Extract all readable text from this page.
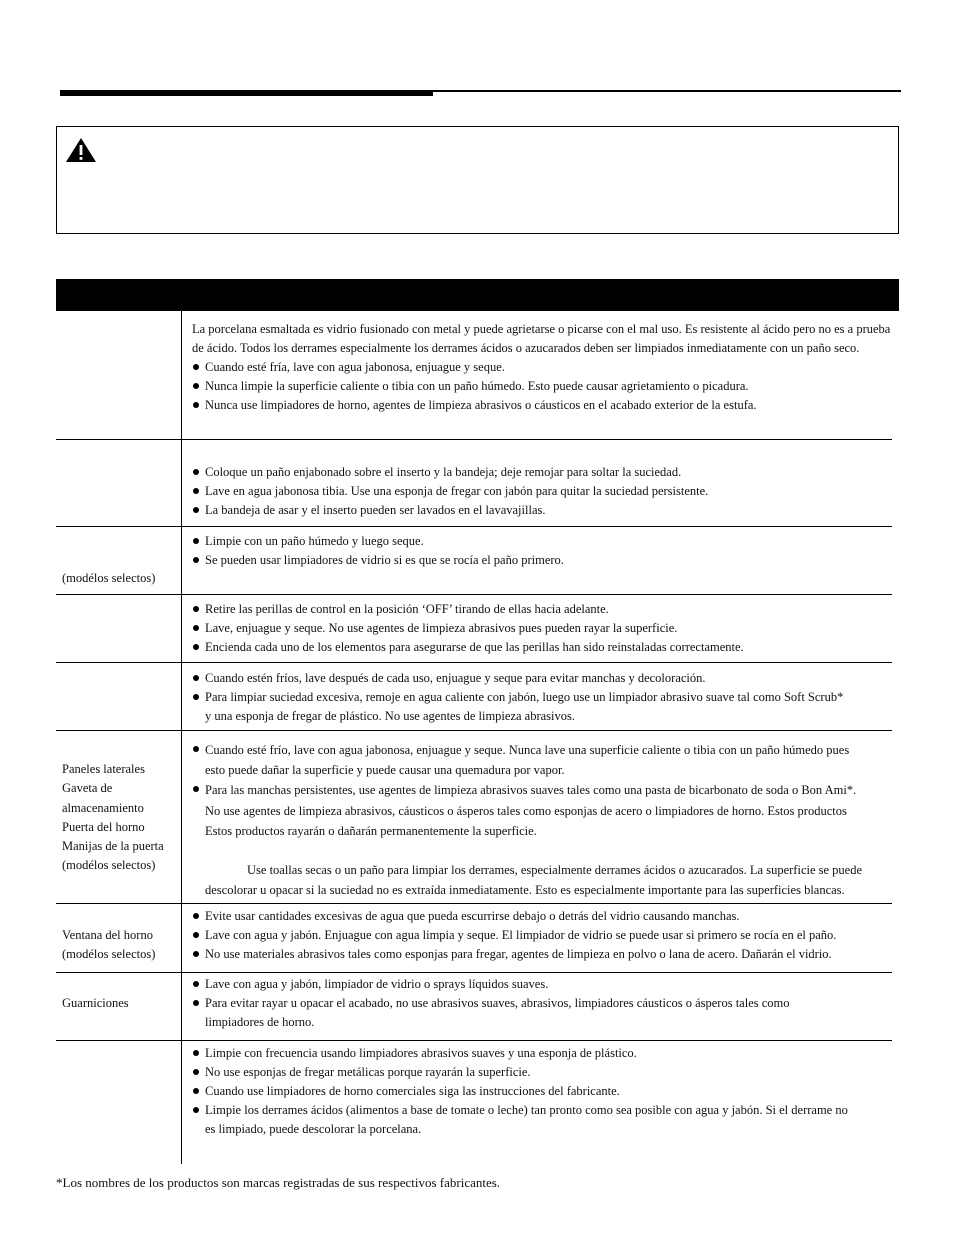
La porcelana esmaltada es vidrio fusionado con metal y puede agrietarse o picarse con el mal uso. Es resistente al ácido pero no es a prueba de ácido. Todos los derrames especialmente los derrames ácidos o azucarados deben ser limpiados inmediatamente con un paño seco.

Cuando esté fría, lave con agua jabonosa, enjuague y seque.

Nunca limpie la superficie caliente o tibia con un paño húmedo. Esto puede causar agrietamiento o picadura.

Nunca use limpiadores de horno, agentes de limpieza abrasivos o cáusticos en el acabado exterior de la estufa.

Coloque un paño enjabonado sobre el inserto y la bandeja; deje remojar para soltar la suciedad.

Lave en agua jabonosa tibia. Use una esponja de fregar con jabón para quitar la suciedad persistente.

La bandeja de asar y el inserto pueden ser lavados en el lavavajillas.

(modélos selectos)

Limpie con un paño húmedo y luego seque.

Se pueden usar limpiadores de vidrio si es que se rocía el paño primero.

Retire las perillas de control en la posición ‘OFF’ tirando de ellas hacia adelante.

Lave, enjuague y seque. No use agentes de limpieza abrasivos pues pueden rayar la superficie.

Encienda cada uno de los elementos para asegurarse de que las perillas han sido reinstaladas correctamente.

Cuando estén fríos, lave después de cada uso, enjuague y seque para evitar manchas y decoloración.

Para limpiar suciedad excesiva, remoje en agua caliente con jabón, luego use un limpiador abrasivo suave tal como Soft Scrub*

y una esponja de fregar de plástico. No use agentes de limpieza abrasivos.

Paneles laterales
Gaveta de
almacenamiento
Puerta del horno
Manijas de la puerta
(modélos selectos)

Cuando esté frío, lave con agua jabonosa, enjuague y seque. Nunca lave una superficie caliente o tibia con un paño húmedo pues

esto puede dañar la superficie y puede causar una quemadura por vapor.

Para las manchas persistentes, use agentes de limpieza abrasivos suaves tales como una pasta de bicarbonato de soda o Bon Ami*.

No use agentes de limpieza abrasivos, cáusticos o ásperos tales como esponjas de acero o limpiadores de horno. Estos productos

Estos productos rayarán o dañarán permanentemente la superficie.

Use toallas secas o un paño para limpiar los derrames, especialmente derrames ácidos o azucarados. La superficie se puede

descolorar u opacar si la suciedad no es extraída inmediatamente. Esto es especialmente importante para las superficies blancas.

Ventana del horno
(modélos selectos)

Evite usar cantidades excesivas de agua que pueda escurrirse debajo o detrás del vidrio causando manchas.

Lave con agua y jabón. Enjuague con agua limpia y seque. El limpiador de vidrio se puede usar si primero se rocía en el paño.

No use materiales abrasivos tales como esponjas para fregar, agentes de limpieza en polvo o lana de acero. Dañarán el vidrio.

Guarniciones

Lave con agua y jabón, limpiador de vidrio o sprays líquidos suaves.

Para evitar rayar u opacar el acabado, no use abrasivos suaves, abrasivos, limpiadores cáusticos o ásperos tales como

limpiadores de horno.

Limpie con frecuencia usando limpiadores abrasivos suaves y una esponja de plástico.

No use esponjas de fregar metálicas porque rayarán la superficie.

Cuando use limpiadores de horno comerciales siga las instrucciones del fabricante.

Limpie los derrames ácidos (alimentos a base de tomate o leche) tan pronto como sea posible con agua y jabón. Si el derrame no

es limpiado, puede descolorar la porcelana.

*Los nombres de los productos son marcas registradas de sus respectivos fabricantes.
